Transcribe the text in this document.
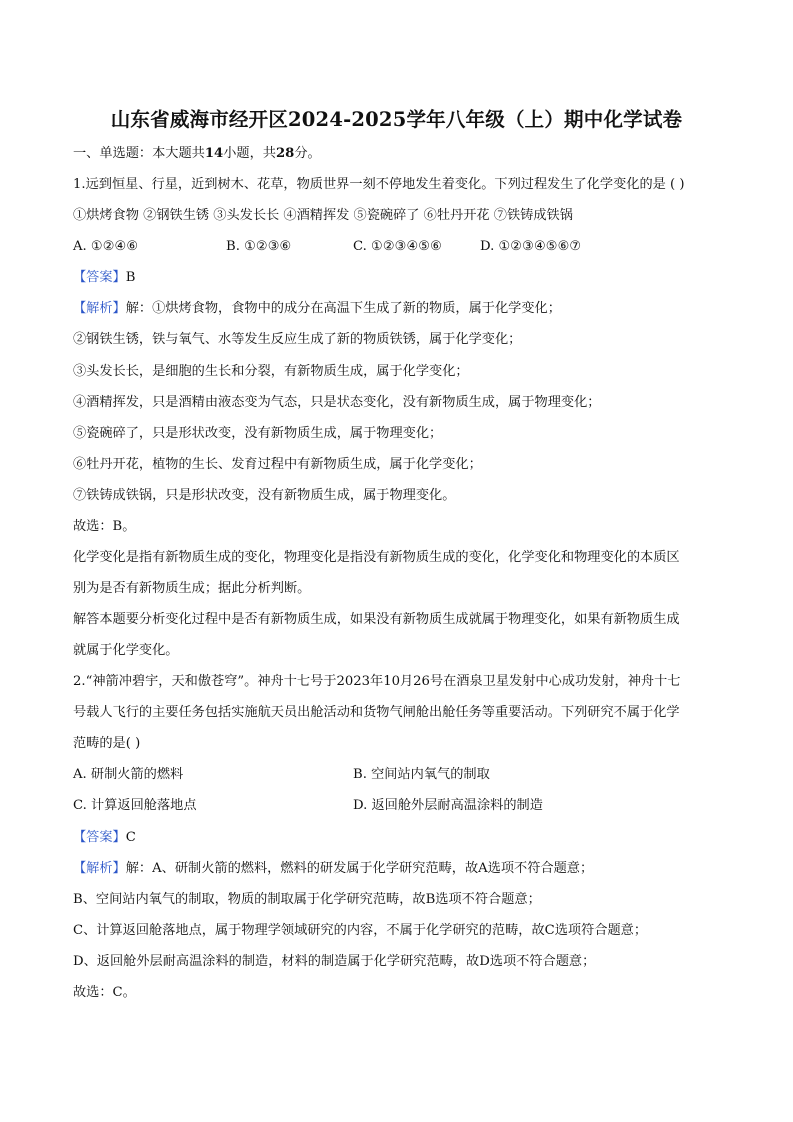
山东省威海市经开区2024-2025学年八年级（上）期中化学试卷
一、单选题：本大题共14小题，共28分。
1.远到恒星、行星，近到树木、花草，物质世界一刻不停地发生着变化。下列过程发生了化学变化的是 ( )
①烘烤食物 ②钢铁生锈 ③头发长长 ④酒精挥发 ⑤瓷碗碎了 ⑥牡丹开花 ⑦铁铸成铁锅
A. ①②④⑥	B. ①②③⑥	C. ①②③④⑤⑥	D. ①②③④⑤⑥⑦
【答案】B
【解析】解：①烘烤食物，食物中的成分在高温下生成了新的物质，属于化学变化；
②钢铁生锈，铁与氧气、水等发生反应生成了新的物质铁锈，属于化学变化；
③头发长长，是细胞的生长和分裂，有新物质生成，属于化学变化；
④酒精挥发，只是酒精由液态变为气态，只是状态变化，没有新物质生成，属于物理变化；
⑤瓷碗碎了，只是形状改变，没有新物质生成，属于物理变化；
⑥牡丹开花，植物的生长、发育过程中有新物质生成，属于化学变化；
⑦铁铸成铁锅，只是形状改变，没有新物质生成，属于物理变化。
故选：B。
化学变化是指有新物质生成的变化，物理变化是指没有新物质生成的变化，化学变化和物理变化的本质区
别为是否有新物质生成；据此分析判断。
解答本题要分析变化过程中是否有新物质生成，如果没有新物质生成就属于物理变化，如果有新物质生成
就属于化学变化。
2.“神箭冲碧宇，天和傲苍穹”。神舟十七号于2023年10月26号在酒泉卫星发射中心成功发射，神舟十七
号载人飞行的主要任务包括实施航天员出舱活动和货物气闸舱出舱任务等重要活动。下列研究不属于化学
范畴的是( )
A. 研制火箭的燃料	B. 空间站内氧气的制取
C. 计算返回舱落地点	D. 返回舱外层耐高温涂料的制造
【答案】C
【解析】解：A、研制火箭的燃料，燃料的研发属于化学研究范畴，故A选项不符合题意；
B、空间站内氧气的制取，物质的制取属于化学研究范畴，故B选项不符合题意；
C、计算返回舱落地点，属于物理学领域研究的内容，不属于化学研究的范畴，故C选项符合题意；
D、返回舱外层耐高温涂料的制造，材料的制造属于化学研究范畴，故D选项不符合题意；
故选：C。
